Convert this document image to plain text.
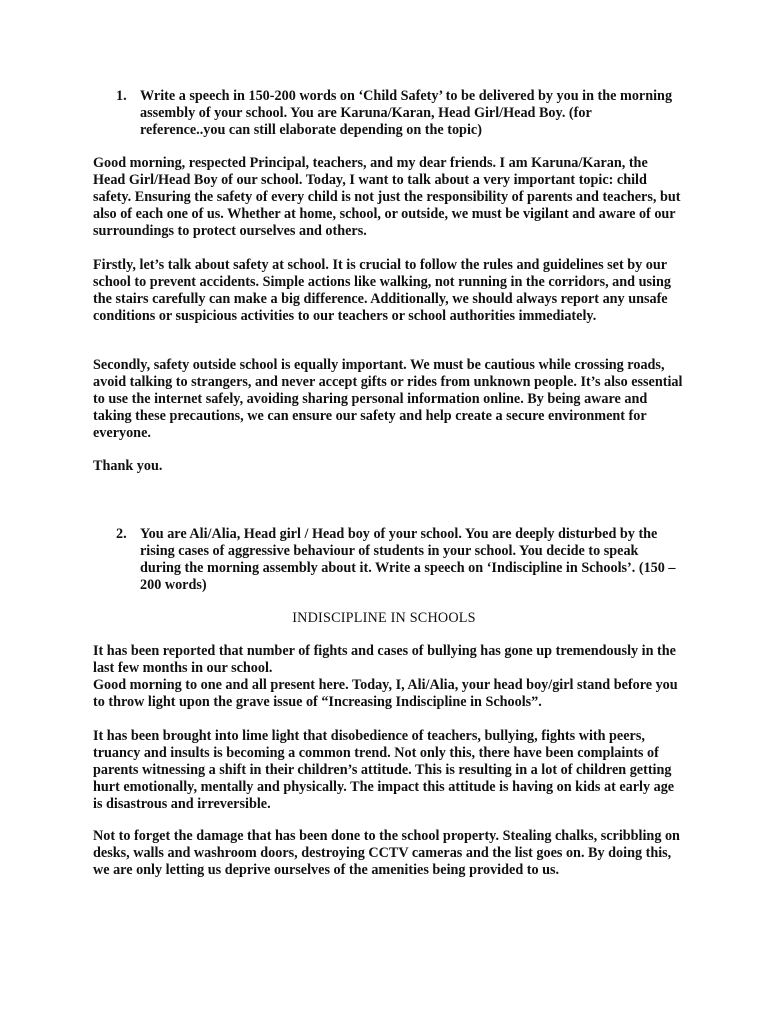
1. Write a speech in 150-200 words on ‘Child Safety’ to be delivered by you in the morning assembly of your school. You are Karuna/Karan, Head Girl/Head Boy. (for reference..you can still elaborate depending on the topic)

Good morning, respected Principal, teachers, and my dear friends. I am Karuna/Karan, the Head Girl/Head Boy of our school. Today, I want to talk about a very important topic: child safety. Ensuring the safety of every child is not just the responsibility of parents and teachers, but also of each one of us. Whether at home, school, or outside, we must be vigilant and aware of our surroundings to protect ourselves and others.

Firstly, let’s talk about safety at school. It is crucial to follow the rules and guidelines set by our school to prevent accidents. Simple actions like walking, not running in the corridors, and using the stairs carefully can make a big difference. Additionally, we should always report any unsafe conditions or suspicious activities to our teachers or school authorities immediately.

Secondly, safety outside school is equally important. We must be cautious while crossing roads, avoid talking to strangers, and never accept gifts or rides from unknown people. It’s also essential to use the internet safely, avoiding sharing personal information online. By being aware and taking these precautions, we can ensure our safety and help create a secure environment for everyone.

Thank you.

2. You are Ali/Alia, Head girl / Head boy of your school. You are deeply disturbed by the rising cases of aggressive behaviour of students in your school. You decide to speak during the morning assembly about it. Write a speech on ‘Indiscipline in Schools’. (150 – 200 words)
INDISCIPLINE IN SCHOOLS

It has been reported that number of fights and cases of bullying has gone up tremendously in the last few months in our school.

Good morning to one and all present here. Today, I, Ali/Alia, your head boy/girl stand before you to throw light upon the grave issue of “Increasing Indiscipline in Schools”.

It has been brought into lime light that disobedience of teachers, bullying, fights with peers, truancy and insults is becoming a common trend. Not only this, there have been complaints of parents witnessing a shift in their children’s attitude. This is resulting in a lot of children getting hurt emotionally, mentally and physically. The impact this attitude is having on kids at early age is disastrous and irreversible.

Not to forget the damage that has been done to the school property. Stealing chalks, scribbling on desks, walls and washroom doors, destroying CCTV cameras and the list goes on. By doing this, we are only letting us deprive ourselves of the amenities being provided to us.
